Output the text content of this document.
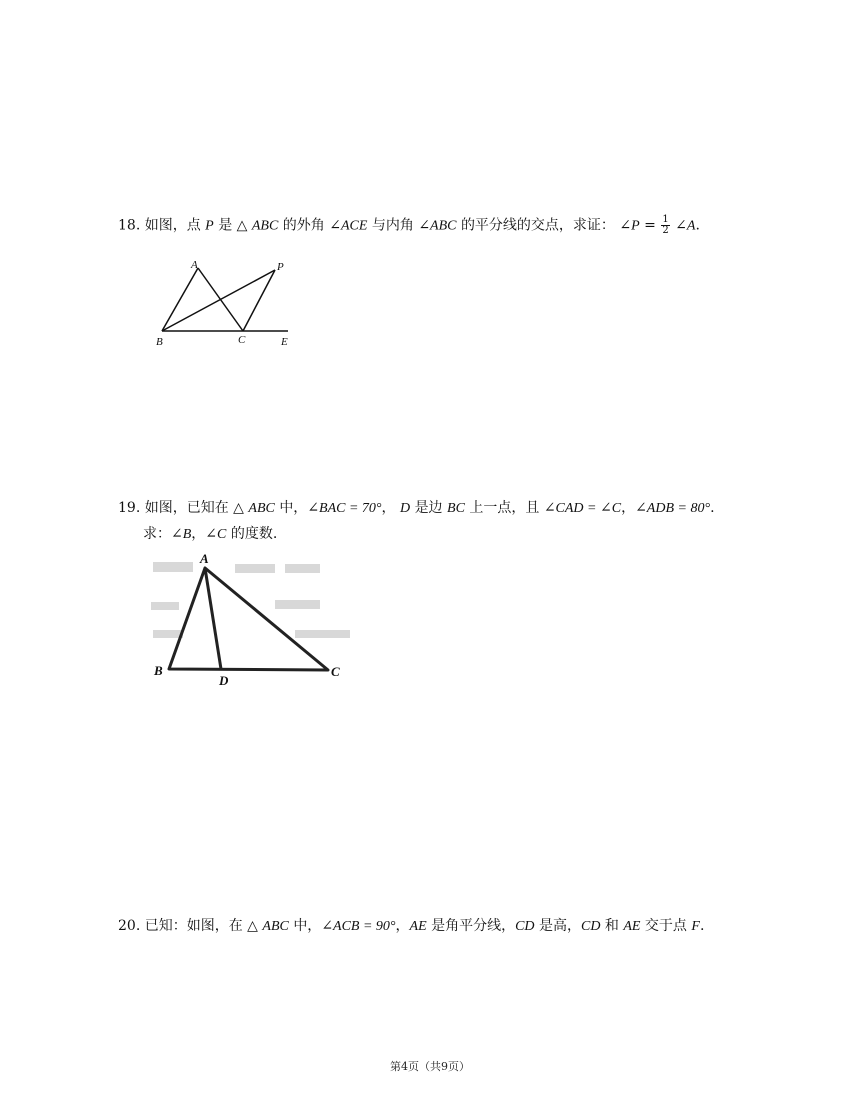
18. 如图，点 P 是 △ ABC 的外角 ∠ACE 与内角 ∠ABC 的平分线的交点，求证： ∠P = $\frac{1}{2}$ ∠A.
A	P
B	C	E
19. 如图，已知在 △ ABC 中，∠BAC = 70°， D 是边 BC 上一点，且 ∠CAD = ∠C，∠ADB = 80°.
求：∠B，∠C 的度数.
A
B
D
C
20. 已知：如图，在 △ ABC 中，∠ACB = 90°，AE 是角平分线，CD 是高，CD 和 AE 交于点 F.
第4页（共9页）
